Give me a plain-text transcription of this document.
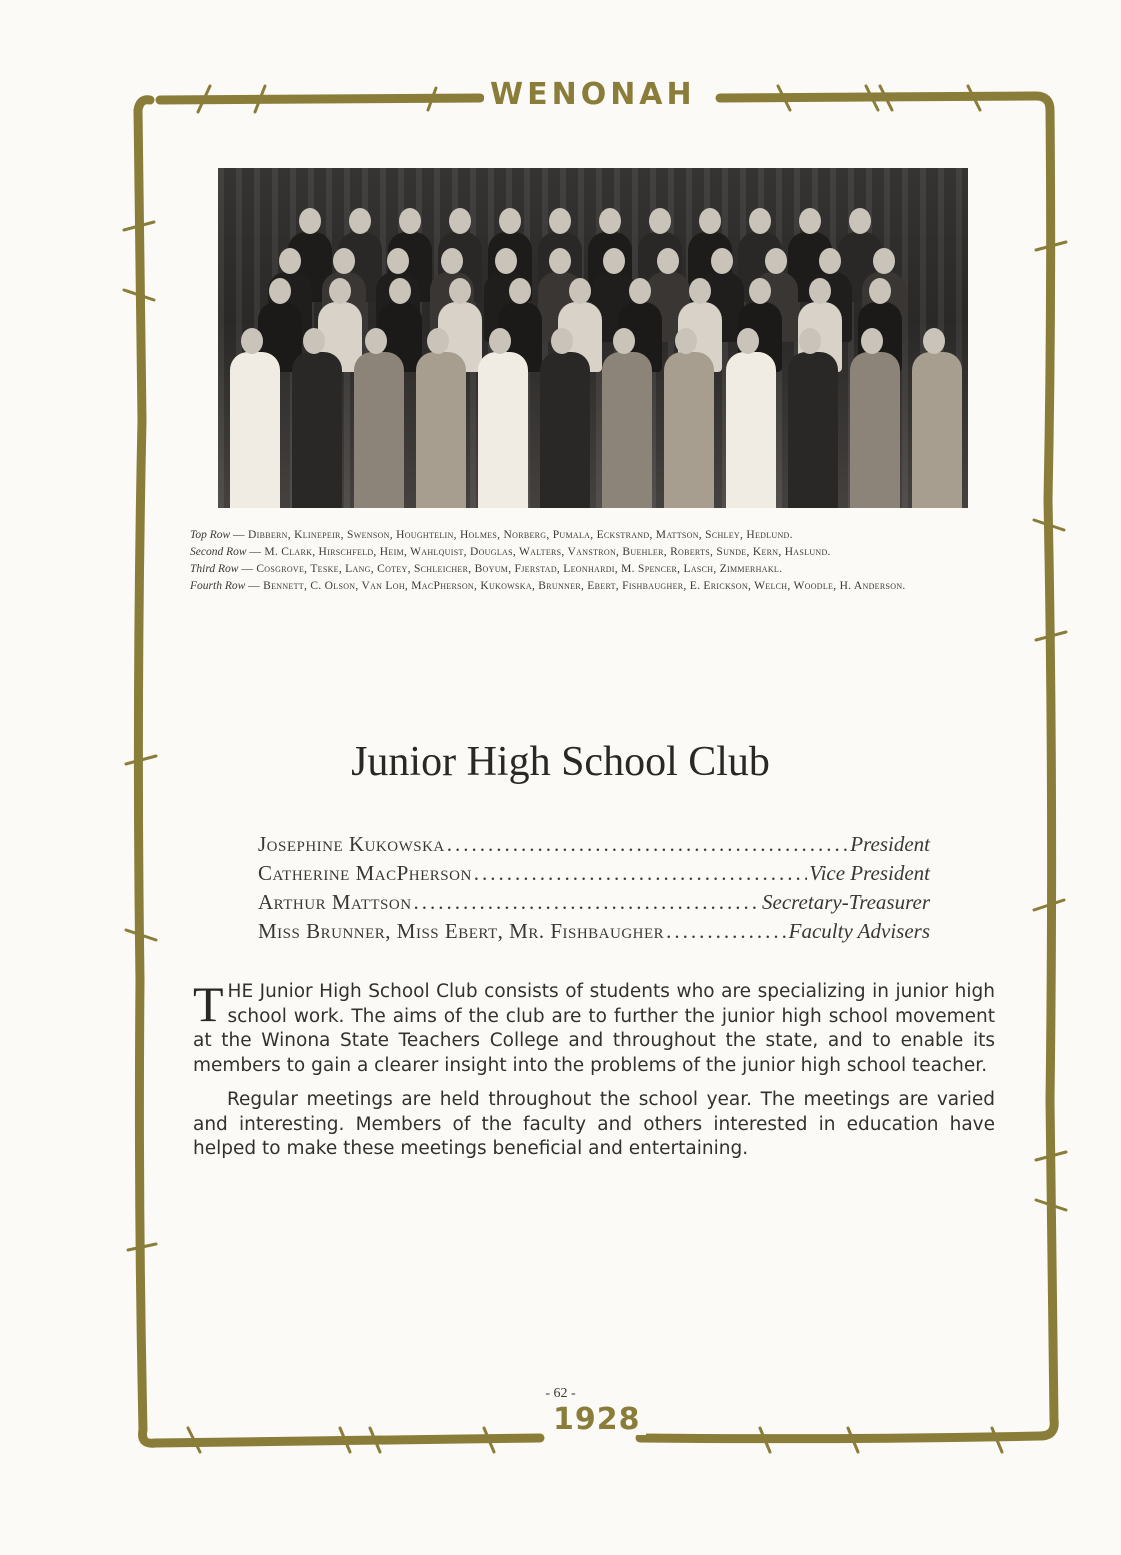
WENONAH
Top Row — Dibbern, Klinepeir, Swenson, Houghtelin, Holmes, Norberg, Pumala, Eckstrand, Mattson, Schley, Hedlund.
Second Row — M. Clark, Hirschfeld, Heim, Wahlquist, Douglas, Walters, Vanstron, Buehler, Roberts, Sunde, Kern, Haslund.
Third Row — Cosgrove, Teske, Lang, Cotey, Schleicher, Boyum, Fjerstad, Leonhardi, M. Spencer, Lasch, Zimmerhakl.
Fourth Row — Bennett, C. Olson, Van Loh, MacPherson, Kukowska, Brunner, Ebert, Fishbaugher, E. Erickson, Welch, Woodle, H. Anderson.
Junior High School Club
Josephine Kukowska .....	President
Catherine MacPherson .....	Vice President
Arthur Mattson .....	Secretary-Treasurer
Miss Brunner, Miss Ebert, Mr. Fishbaugher .....	Faculty Advisers

THE Junior High School Club consists of students who are specializing in junior high school work. The aims of the club are to further the junior high school movement at the Winona State Teachers College and throughout the state, and to enable its members to gain a clearer insight into the problems of the junior high school teacher.

Regular meetings are held throughout the school year. The meetings are varied and interesting. Members of the faculty and others interested in education have helped to make these meetings beneficial and entertaining.

- 62 -
1928
